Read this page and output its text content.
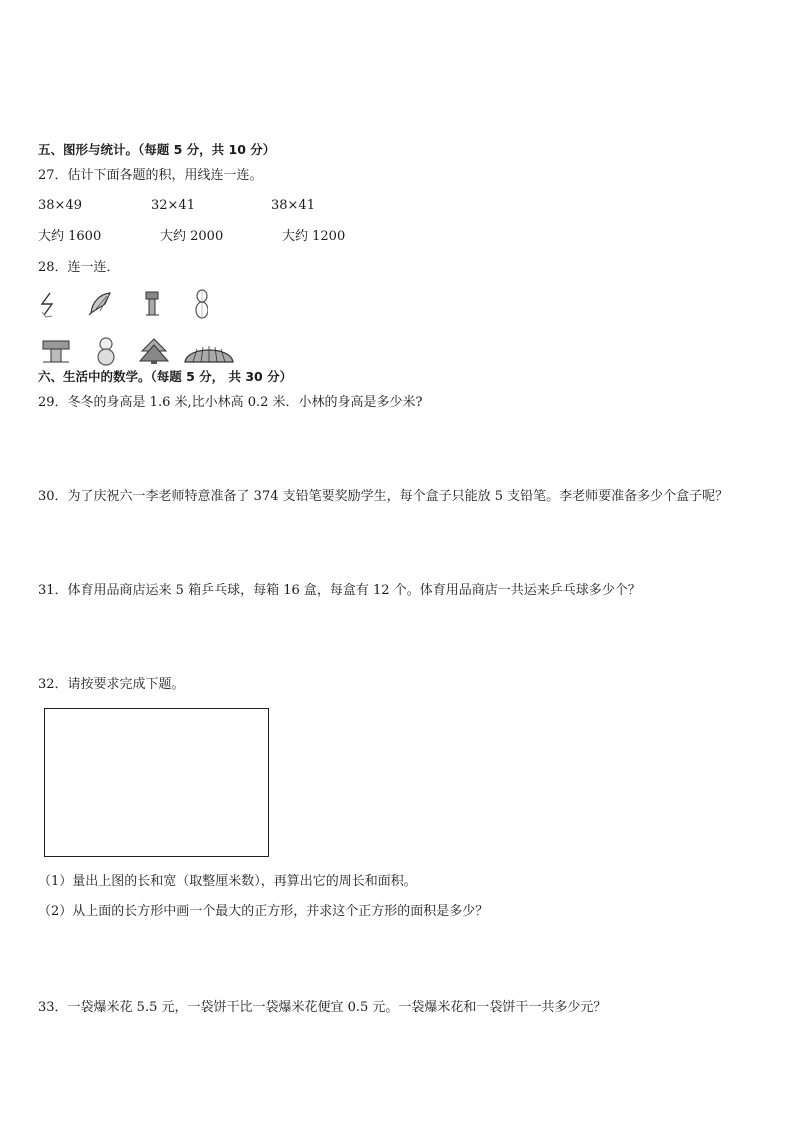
五、图形与统计。（每题 5 分，共 10 分）
27．估计下面各题的积，用线连一连。
38×49	32×41	38×41
大约 1600	大约 2000	大约 1200
28．连一连．
六、生活中的数学。（每题 5 分， 共 30 分）
29．冬冬的身高是 1.6 米,比小林高 0.2 米．小林的身高是多少米?
30．为了庆祝六一李老师特意准备了 374 支铅笔要奖励学生，每个盒子只能放 5 支铅笔。李老师要准备多少个盒子呢？
31．体育用品商店运来 5 箱乒乓球，每箱 16 盒，每盒有 12 个。体育用品商店一共运来乒乓球多少个？
32．请按要求完成下题。
（1）量出上图的长和宽（取整厘米数），再算出它的周长和面积。
（2）从上面的长方形中画一个最大的正方形，并求这个正方形的面积是多少？
33．一袋爆米花 5.5 元，一袋饼干比一袋爆米花便宜 0.5 元。一袋爆米花和一袋饼干一共多少元？
